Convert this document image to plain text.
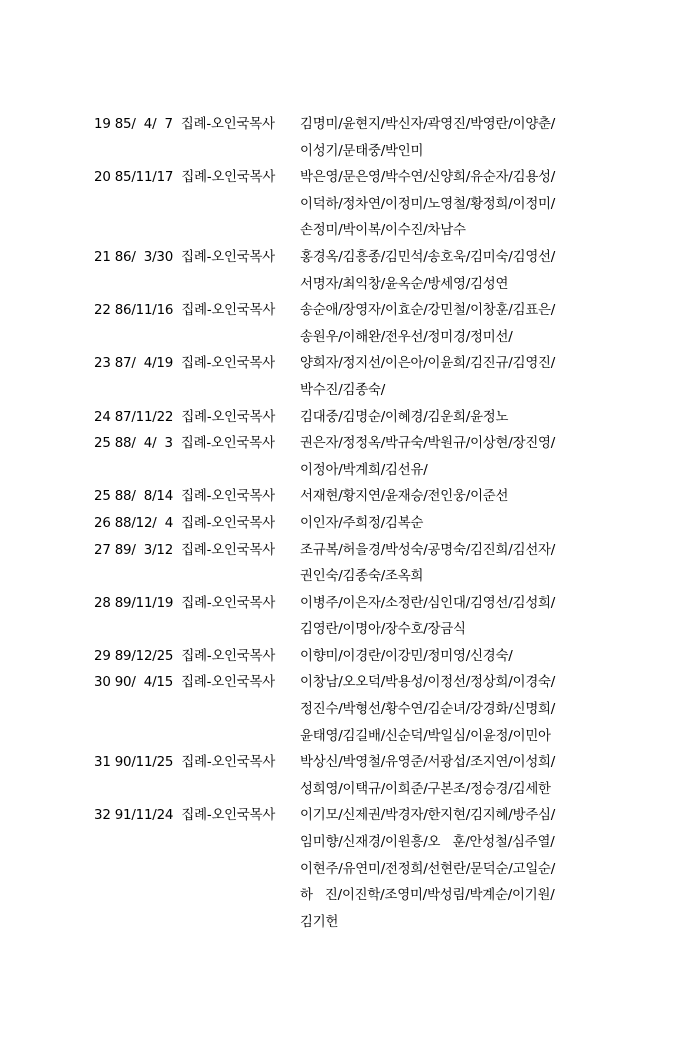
19 85/  4/  7  집례-오인국목사	김명미/윤현지/박신자/곽영진/박영란/이양춘/
이성기/문태중/박인미
20 85/11/17  집례-오인국목사	박은영/문은영/박수연/신양희/유순자/김용성/
이덕하/정차연/이정미/노영철/황정희/이정미/
손정미/박이복/이수진/차남수
21 86/  3/30  집례-오인국목사	홍경옥/김흥종/김민석/송호욱/김미숙/김영선/
서명자/최익창/윤옥순/방세영/김성연
22 86/11/16  집례-오인국목사	송순애/장영자/이효순/강민철/이창훈/김표은/
송원우/이해완/전우선/정미경/정미선/
23 87/  4/19  집례-오인국목사	양희자/정지선/이은아/이윤희/김진규/김영진/
박수진/김종숙/
24 87/11/22  집례-오인국목사	김대중/김명순/이혜경/김운희/윤정노
25 88/  4/  3  집례-오인국목사	권은자/정정옥/박규숙/박원규/이상현/장진영/
이정아/박계희/김선유/
25 88/  8/14  집례-오인국목사	서재현/황지연/윤재승/전인웅/이준선
26 88/12/  4  집례-오인국목사	이인자/주희정/김복순
27 89/  3/12  집례-오인국목사	조규복/허을경/박성숙/공명숙/김진희/김선자/
권인숙/김종숙/조옥희
28 89/11/19  집례-오인국목사	이병주/이은자/소정란/심인대/김영선/김성희/
김영란/이명아/장수호/장금식
29 89/12/25  집례-오인국목사	이향미/이경란/이강민/정미영/신경숙/
30 90/  4/15  집례-오인국목사	이창남/오오덕/박용성/이정선/정상희/이경숙/
정진수/박형선/황수연/김순녀/강경화/신명희/
윤태영/김길배/신순덕/박일심/이윤정/이민아
31 90/11/25  집례-오인국목사	박상신/박영철/유영준/서광섭/조지연/이성희/
성희영/이택규/이희준/구본조/정승경/김세한
32 91/11/24  집례-오인국목사	이기모/신제권/박경자/한지현/김지혜/방주심/
임미향/신재경/이원흥/오   훈/안성철/심주열/
이현주/유연미/전정희/선현란/문덕순/고일순/
하   진/이진학/조영미/박성림/박계순/이기원/
김기헌
